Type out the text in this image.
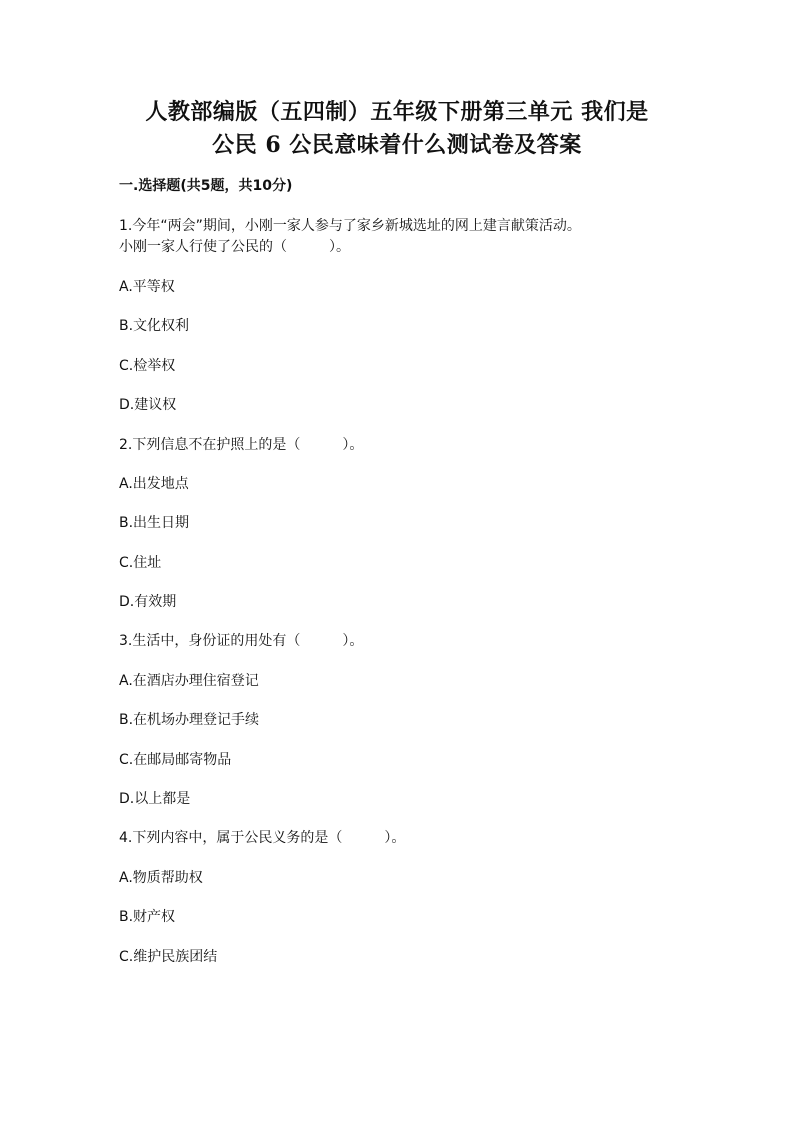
人教部编版（五四制）五年级下册第三单元 我们是
公民 6 公民意味着什么测试卷及答案
一.选择题(共5题，共10分)
1.今年“两会”期间，小刚一家人参与了家乡新城选址的网上建言献策活动。
小刚一家人行使了公民的（　　　）。
A.平等权
B.文化权利
C.检举权
D.建议权
2.下列信息不在护照上的是（　　　）。
A.出发地点
B.出生日期
C.住址
D.有效期
3.生活中，身份证的用处有（　　　）。
A.在酒店办理住宿登记
B.在机场办理登记手续
C.在邮局邮寄物品
D.以上都是
4.下列内容中，属于公民义务的是（　　　）。
A.物质帮助权
B.财产权
C.维护民族团结
